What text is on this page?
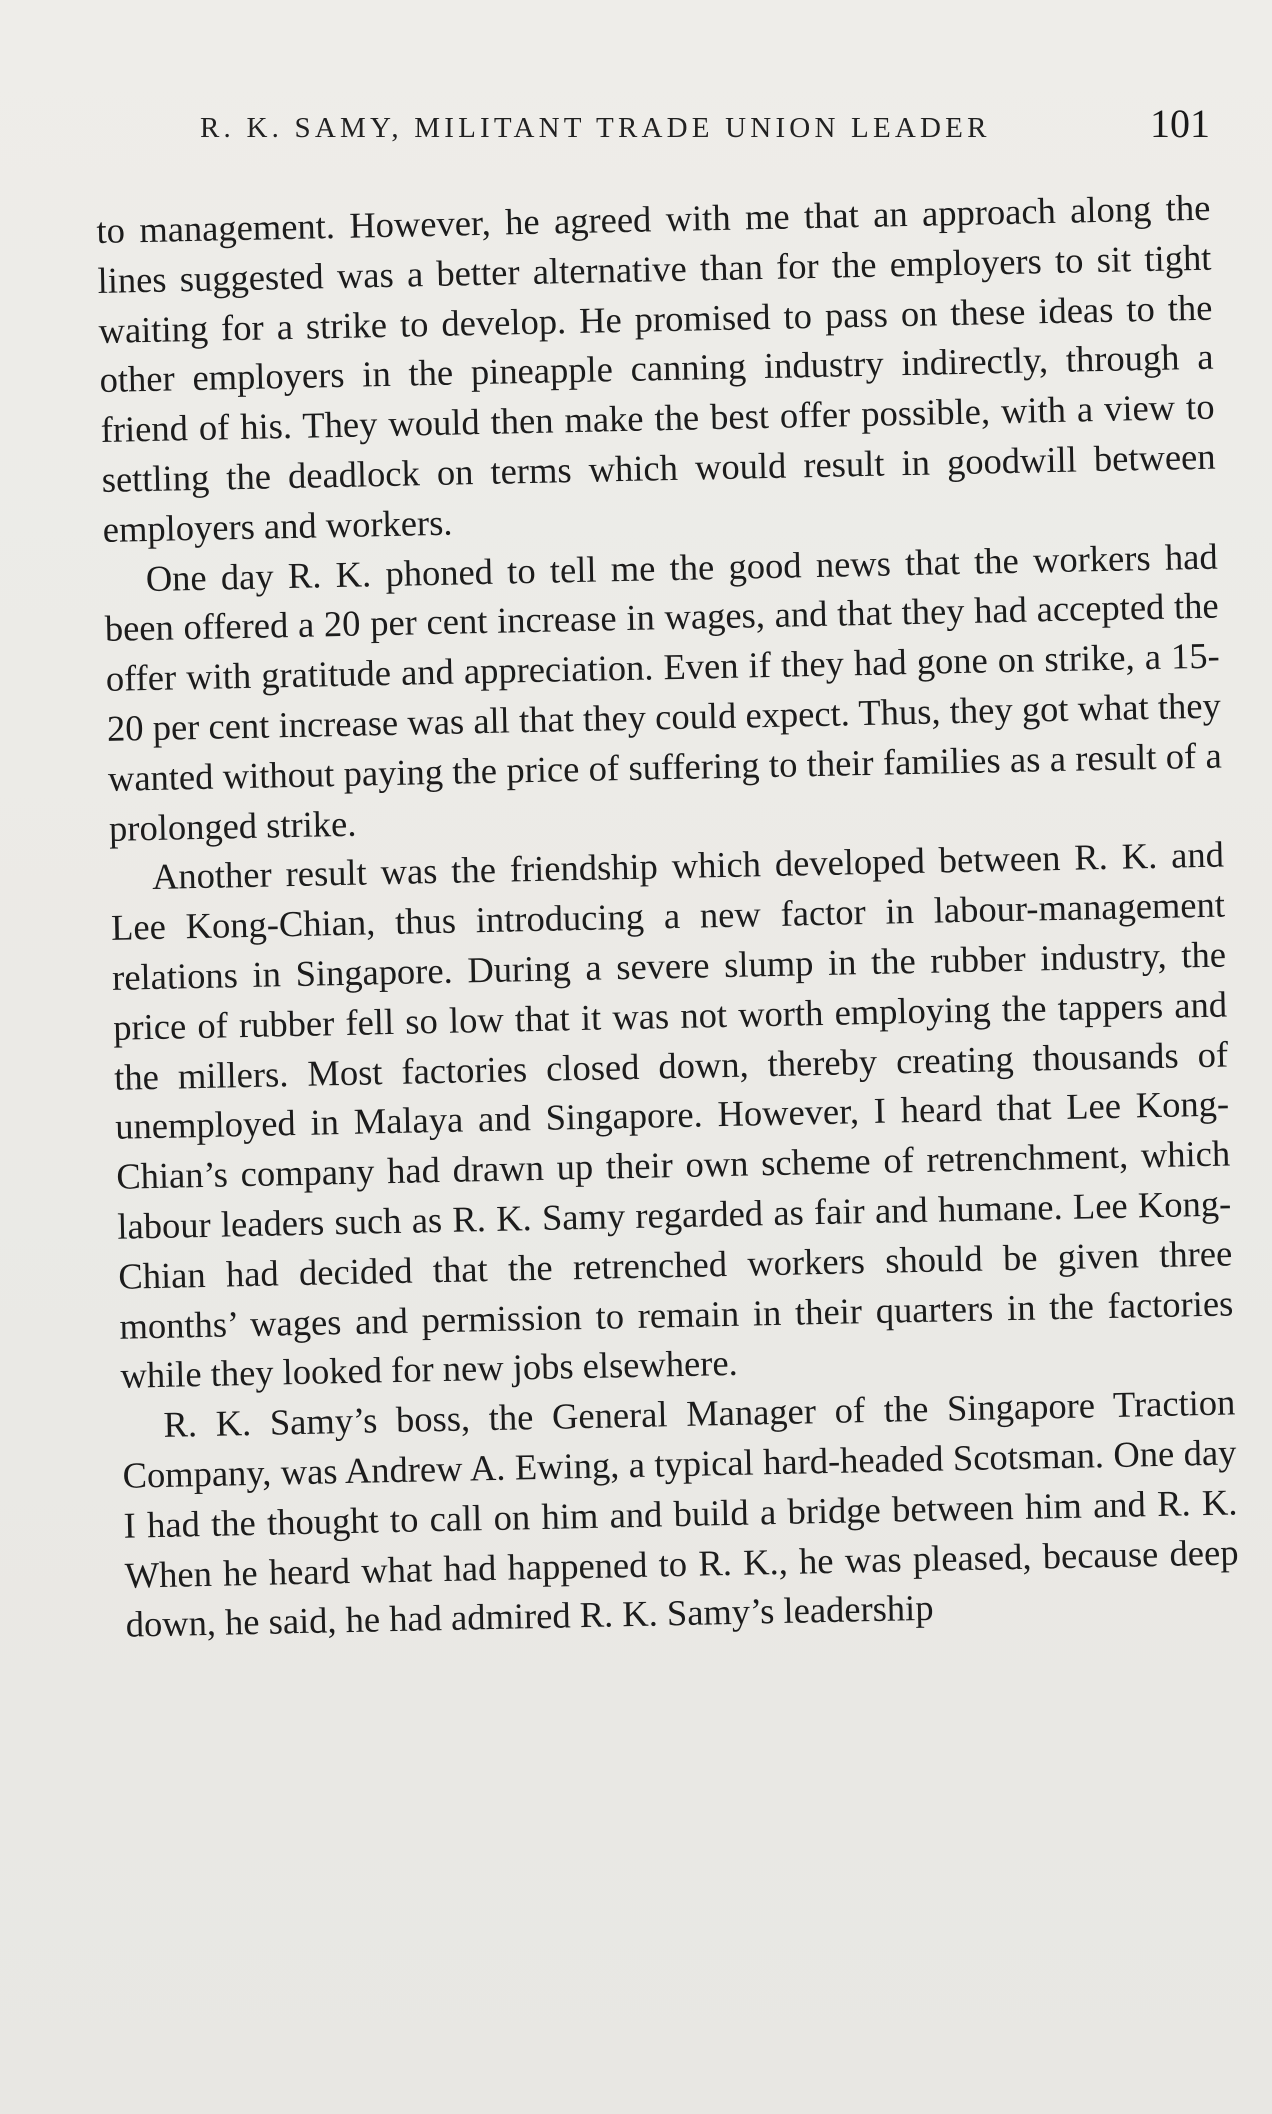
R. K. SAMY, MILITANT TRADE UNION LEADER	101

to management. However, he agreed with me that an approach along the lines suggested was a better alternative than for the employers to sit tight waiting for a strike to develop. He promised to pass on these ideas to the other employers in the pineapple canning industry indirectly, through a friend of his. They would then make the best offer possible, with a view to settling the deadlock on terms which would result in goodwill between employers and workers.

One day R. K. phoned to tell me the good news that the workers had been offered a 20 per cent increase in wages, and that they had accepted the offer with gratitude and appreciation. Even if they had gone on strike, a 15-20 per cent increase was all that they could expect. Thus, they got what they wanted without paying the price of suffering to their families as a result of a prolonged strike.

Another result was the friendship which developed between R. K. and Lee Kong-Chian, thus introducing a new factor in labour-management relations in Singapore. During a severe slump in the rubber industry, the price of rubber fell so low that it was not worth employing the tappers and the millers. Most factories closed down, thereby creating thousands of unemployed in Malaya and Singapore. However, I heard that Lee Kong-Chian’s company had drawn up their own scheme of retrenchment, which labour leaders such as R. K. Samy regarded as fair and humane. Lee Kong-Chian had decided that the retrenched workers should be given three months’ wages and permission to remain in their quarters in the factories while they looked for new jobs elsewhere.

R. K. Samy’s boss, the General Manager of the Singapore Traction Company, was Andrew A. Ewing, a typical hard-headed Scotsman. One day I had the thought to call on him and build a bridge between him and R. K. When he heard what had happened to R. K., he was pleased, because deep down, he said, he had admired R. K. Samy’s leadership
